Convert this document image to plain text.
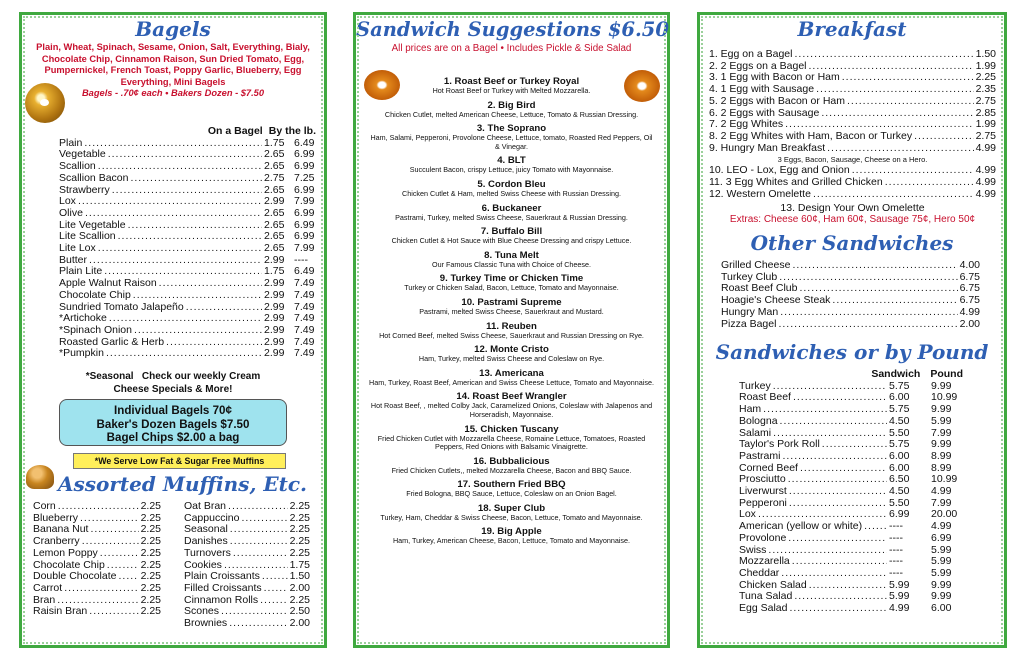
Bagels
Plain, Wheat, Spinach, Sesame, Onion, Salt, Everything, Bialy, Chocolate Chip, Cinnamon Raison, Sun Dried Tomato, Egg, Pumpernickel, French Toast, Poppy Garlic, Blueberry, Egg Everything, Mini Bagels
Bagels - .70¢ each • Bakers Dozen - $7.50
On a Bagel By the lb.
Plain .....	1.75 6.49
Vegetable .....	2.65 6.99
Scallion .....	2.65 6.99
Scallion Bacon .....	2.75 7.25
Strawberry .....	2.65 6.99
Lox .....	2.99 7.99
Olive .....	2.65 6.99
Lite Vegetable .....	2.65 6.99
Lite Scallion .....	2.65 6.99
Lite Lox .....	2.65 7.99
Butter .....	2.99 ----
Plain Lite .....	1.75 6.49
Apple Walnut Raison .....	2.99 7.49
Chocolate Chip .....	2.99 7.49
Sundried Tomato Jalapeño .....	2.99 7.49
*Artichoke .....	2.99 7.49
*Spinach Onion .....	2.99 7.49
Roasted Garlic & Herb .....	2.99 7.49
*Pumpkin .....	2.99 7.49
*Seasonal   Check our weekly Cream
Cheese Specials & More!
Individual Bagels 70¢
Baker's Dozen Bagels $7.50
Bagel Chips $2.00 a bag
*We Serve Low Fat & Sugar Free Muffins
Assorted Muffins, Etc.
Corn .....	2.25
Blueberry .....	2.25
Banana Nut .....	2.25
Cranberry .....	2.25
Lemon Poppy .....	2.25
Chocolate Chip .....	2.25
Double Chocolate ..... 2.25
Carrot .....	2.25
Bran .....	2.25
Raisin Bran .....	2.25
Oat Bran .....	2.25
Cappuccino .....	2.25
Seasonal .....	2.25
Danishes .....	2.25
Turnovers .....	2.25
Cookies .....	1.75
Plain Croissants .....	1.50
Filled Croissants .....	2.00
Cinnamon Rolls .....	2.25
Scones .....	2.50
Brownies .....	2.00
Sandwich Suggestions $6.50
All prices are on a Bagel • Includes Pickle & Side Salad
1. Roast Beef or Turkey Royal
Hot Roast Beef or Turkey with Melted Mozzarella.
2. Big Bird
Chicken Cutlet, melted American Cheese, Lettuce, Tomato & Russian Dressing.
3. The Soprano
Ham, Salami, Pepperoni, Provolone Cheese, Lettuce, tomato, Roasted Red Peppers, Oil & Vinegar.
4. BLT
Succulent Bacon, crispy Lettuce, juicy Tomato with Mayonnaise.
5. Cordon Bleu
Chicken Cutlet & Ham, melted Swiss Cheese with Russian Dressing.
6. Buckaneer
Pastrami, Turkey, melted Swiss Cheese, Sauerkraut & Russian Dressing.
7. Buffalo Bill
Chicken Cutlet & Hot Sauce with Blue Cheese Dressing and crispy Lettuce.
8. Tuna Melt
Our Famous Classic Tuna with Choice of Cheese.
9. Turkey Time or Chicken Time
Turkey or Chicken Salad, Bacon, Lettuce, Tomato and Mayonnaise.
10. Pastrami Supreme
Pastrami, melted Swiss Cheese, Sauerkraut and Mustard.
11. Reuben
Hot Corned Beef, melted Swiss Cheese, Sauerkraut and Russian Dressing on Rye.
12. Monte Cristo
Ham, Turkey, melted Swiss Cheese and Coleslaw on Rye.
13. Americana
Ham, Turkey, Roast Beef, American and Swiss Cheese Lettuce, Tomato and Mayonnaise.
14. Roast Beef Wrangler
Hot Roast Beef, , melted Colby Jack, Caramelized Onions, Coleslaw with Jalapenos and Horseradish, Mayonnaise.
15. Chicken Tuscany
Fried Chicken Cutlet with Mozzarella Cheese, Romaine Lettuce, Tomatoes, Roasted Peppers, Red Onions with Balsamic Vinaigrette.
16. Bubbalicious
Fried Chicken Cutlets,, melted Mozzarella Cheese, Bacon and BBQ Sauce.
17. Southern Fried BBQ
Fried Bologna, BBQ Sauce, Lettuce, Coleslaw on an Onion Bagel.
18. Super Club
Turkey, Ham, Cheddar & Swiss Cheese, Bacon, Lettuce, Tomato and Mayonnaise.
19. Big Apple
Ham, Turkey, American Cheese, Bacon, Lettuce, Tomato and Mayonnaise.
Breakfast
1. Egg on a Bagel .....	1.50
2. 2 Eggs on a Bagel .....	1.99
3. 1 Egg with Bacon or Ham .....	2.25
4. 1 Egg with Sausage .....	2.35
5. 2 Eggs with Bacon or Ham .....	2.75
6. 2 Eggs with Sausage .....	2.85
7. 2 Egg Whites .....	1.99
8. 2 Egg Whites with Ham, Bacon or Turkey .....	2.75
9. Hungry Man Breakfast .....	4.99
3 Eggs, Bacon, Sausage, Cheese on a Hero.
10. LEO - Lox, Egg and Onion .....	4.99
11. 3 Egg Whites and Grilled Chicken .....	4.99
12. Western Omelette .....	4.99
13. Design Your Own Omelette
Extras: Cheese 60¢, Ham 60¢, Sausage 75¢, Hero 50¢
Other Sandwiches
Grilled Cheese .....	4.00
Turkey Club .....	6.75
Roast Beef Club .....	6.75
Hoagie's Cheese Steak .....	6.75
Hungry Man .....	4.99
Pizza Bagel .....	2.00
Sandwiches or by Pound
Sandwich Pound
Turkey .....	5.75	9.99
Roast Beef .....	6.00	10.99
Ham .....	5.75	9.99
Bologna .....	4.50	5.99
Salami .....	5.50	7.99
Taylor's Pork Roll .....	5.75	9.99
Pastrami .....	6.00	8.99
Corned Beef .....	6.00	8.99
Prosciutto .....	6.50	10.99
Liverwurst .....	4.50	4.99
Pepperoni .....	5.50	7.99
Lox .....	6.99	20.00
American (yellow or white) .....	----	4.99
Provolone .....	----	6.99
Swiss .....	----	5.99
Mozzarella .....	----	5.99
Cheddar .....	----	5.99
Chicken Salad .....	5.99	9.99
Tuna Salad .....	5.99	9.99
Egg Salad .....	4.99	6.00
